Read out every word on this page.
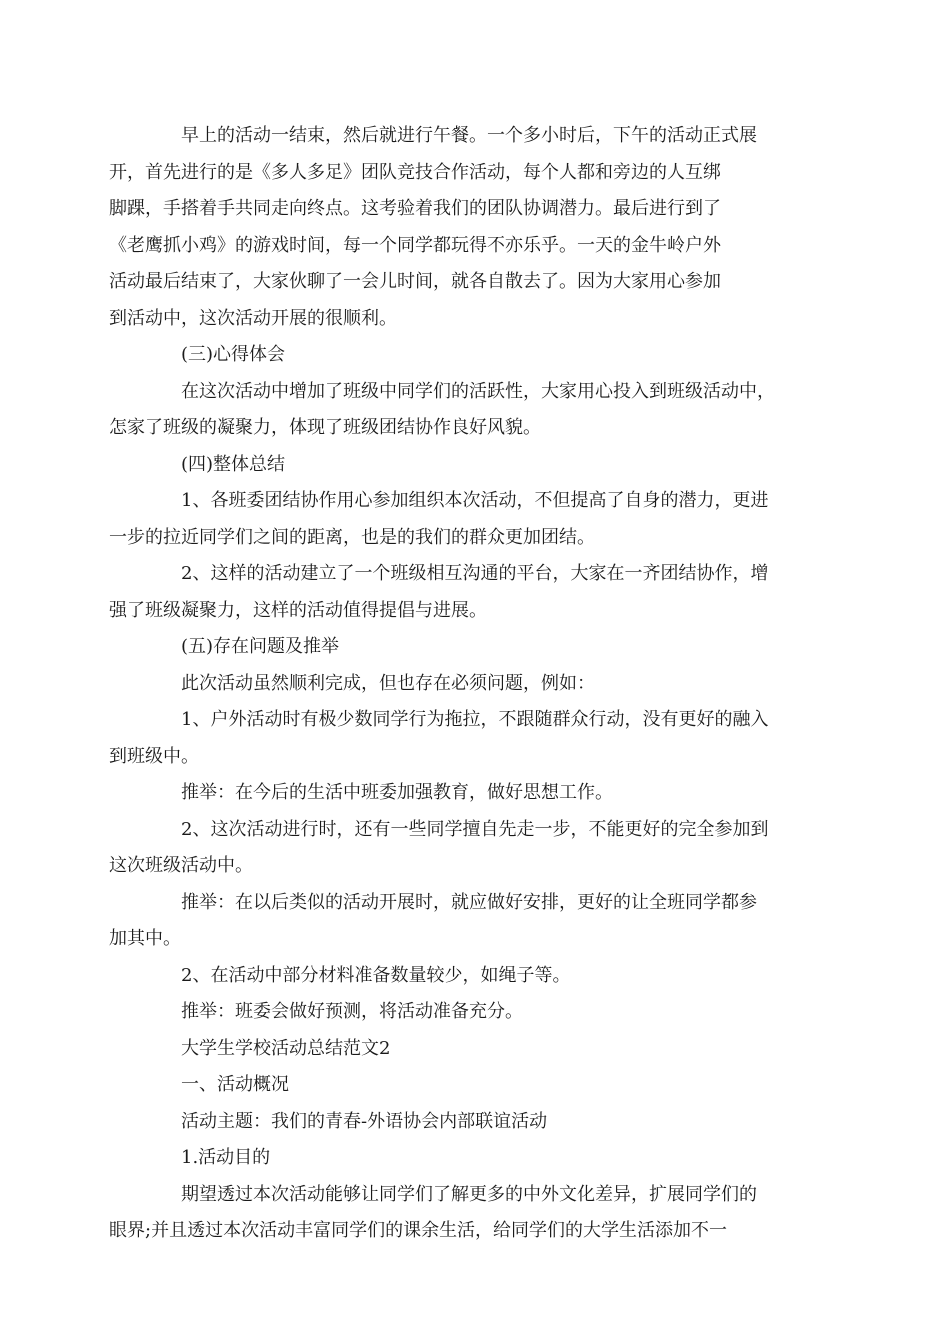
早上的活动一结束，然后就进行午餐。一个多小时后，下午的活动正式展
开，首先进行的是《多人多足》团队竞技合作活动，每个人都和旁边的人互绑
脚踝，手搭着手共同走向终点。这考验着我们的团队协调潜力。最后进行到了
《老鹰抓小鸡》的游戏时间，每一个同学都玩得不亦乐乎。一天的金牛岭户外
活动最后结束了，大家伙聊了一会儿时间，就各自散去了。因为大家用心参加
到活动中，这次活动开展的很顺利。

(三)心得体会

在这次活动中增加了班级中同学们的活跃性，大家用心投入到班级活动中，
怎家了班级的凝聚力，体现了班级团结协作良好风貌。

(四)整体总结

1、各班委团结协作用心参加组织本次活动，不但提高了自身的潜力，更进
一步的拉近同学们之间的距离，也是的我们的群众更加团结。

2、这样的活动建立了一个班级相互沟通的平台，大家在一齐团结协作，增
强了班级凝聚力，这样的活动值得提倡与进展。

(五)存在问题及推举

此次活动虽然顺利完成，但也存在必须问题，例如：

1、户外活动时有极少数同学行为拖拉，不跟随群众行动，没有更好的融入
到班级中。

推举：在今后的生活中班委加强教育，做好思想工作。

2、这次活动进行时，还有一些同学擅自先走一步，不能更好的完全参加到
这次班级活动中。

推举：在以后类似的活动开展时，就应做好安排，更好的让全班同学都参
加其中。

2、在活动中部分材料准备数量较少，如绳子等。

推举：班委会做好预测，将活动准备充分。

大学生学校活动总结范文2

一、活动概况

活动主题：我们的青春-外语协会内部联谊活动

1.活动目的

期望透过本次活动能够让同学们了解更多的中外文化差异，扩展同学们的
眼界;并且透过本次活动丰富同学们的课余生活，给同学们的大学生活添加不一
